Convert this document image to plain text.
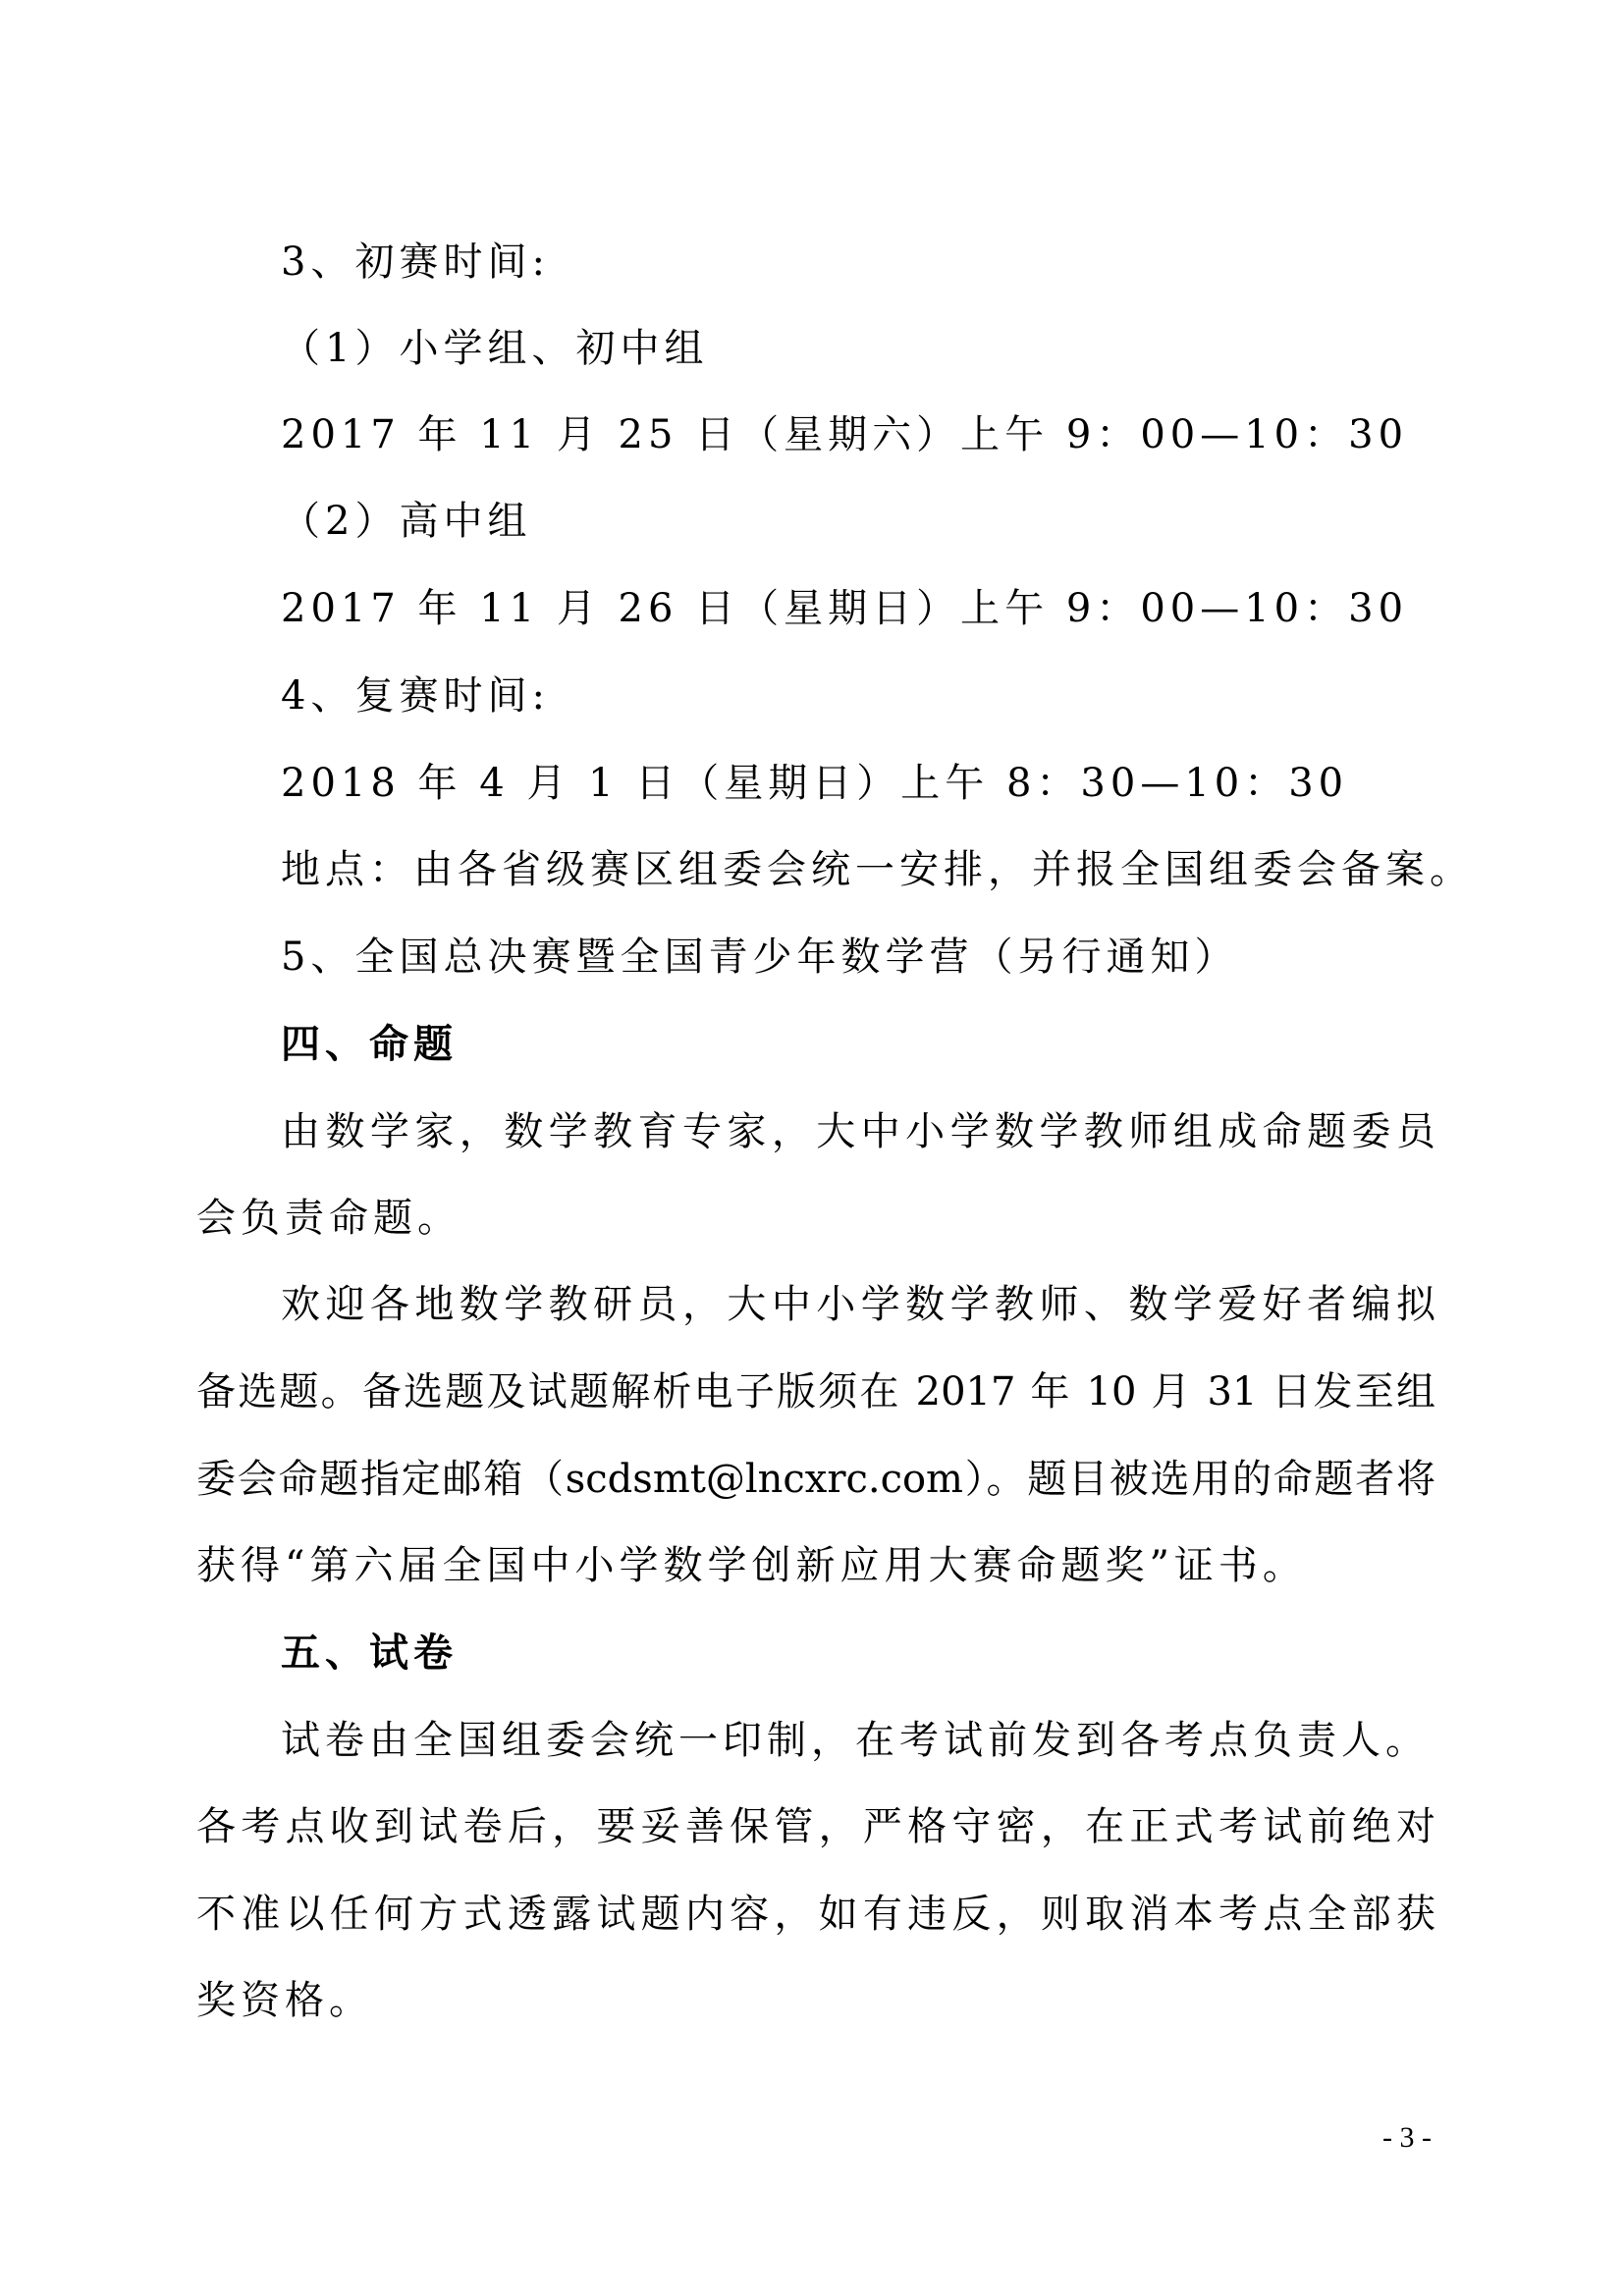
3、初赛时间:
（1）小学组、初中组
2017 年 11 月 25 日（星期六）上午 9：00—10：30
（2）高中组
2017 年 11 月 26 日（星期日）上午 9：00—10：30
4、复赛时间:
2018 年 4 月 1 日（星期日）上午 8：30—10：30
地点：由各省级赛区组委会统一安排，并报全国组委会备案。
5、全国总决赛暨全国青少年数学营（另行通知）
四、命题
由数学家，数学教育专家，大中小学数学教师组成命题委员
会负责命题。
欢迎各地数学教研员，大中小学数学教师、数学爱好者编拟
备选题。备选题及试题解析电子版须在 2017 年 10 月 31 日发至组
委会命题指定邮箱（scdsmt@lncxrc.com）。题目被选用的命题者将
获得“第六届全国中小学数学创新应用大赛命题奖”证书。
五、试卷
试卷由全国组委会统一印制，在考试前发到各考点负责人。
各考点收到试卷后，要妥善保管，严格守密，在正式考试前绝对
不准以任何方式透露试题内容，如有违反，则取消本考点全部获
奖资格。
- 3 -
